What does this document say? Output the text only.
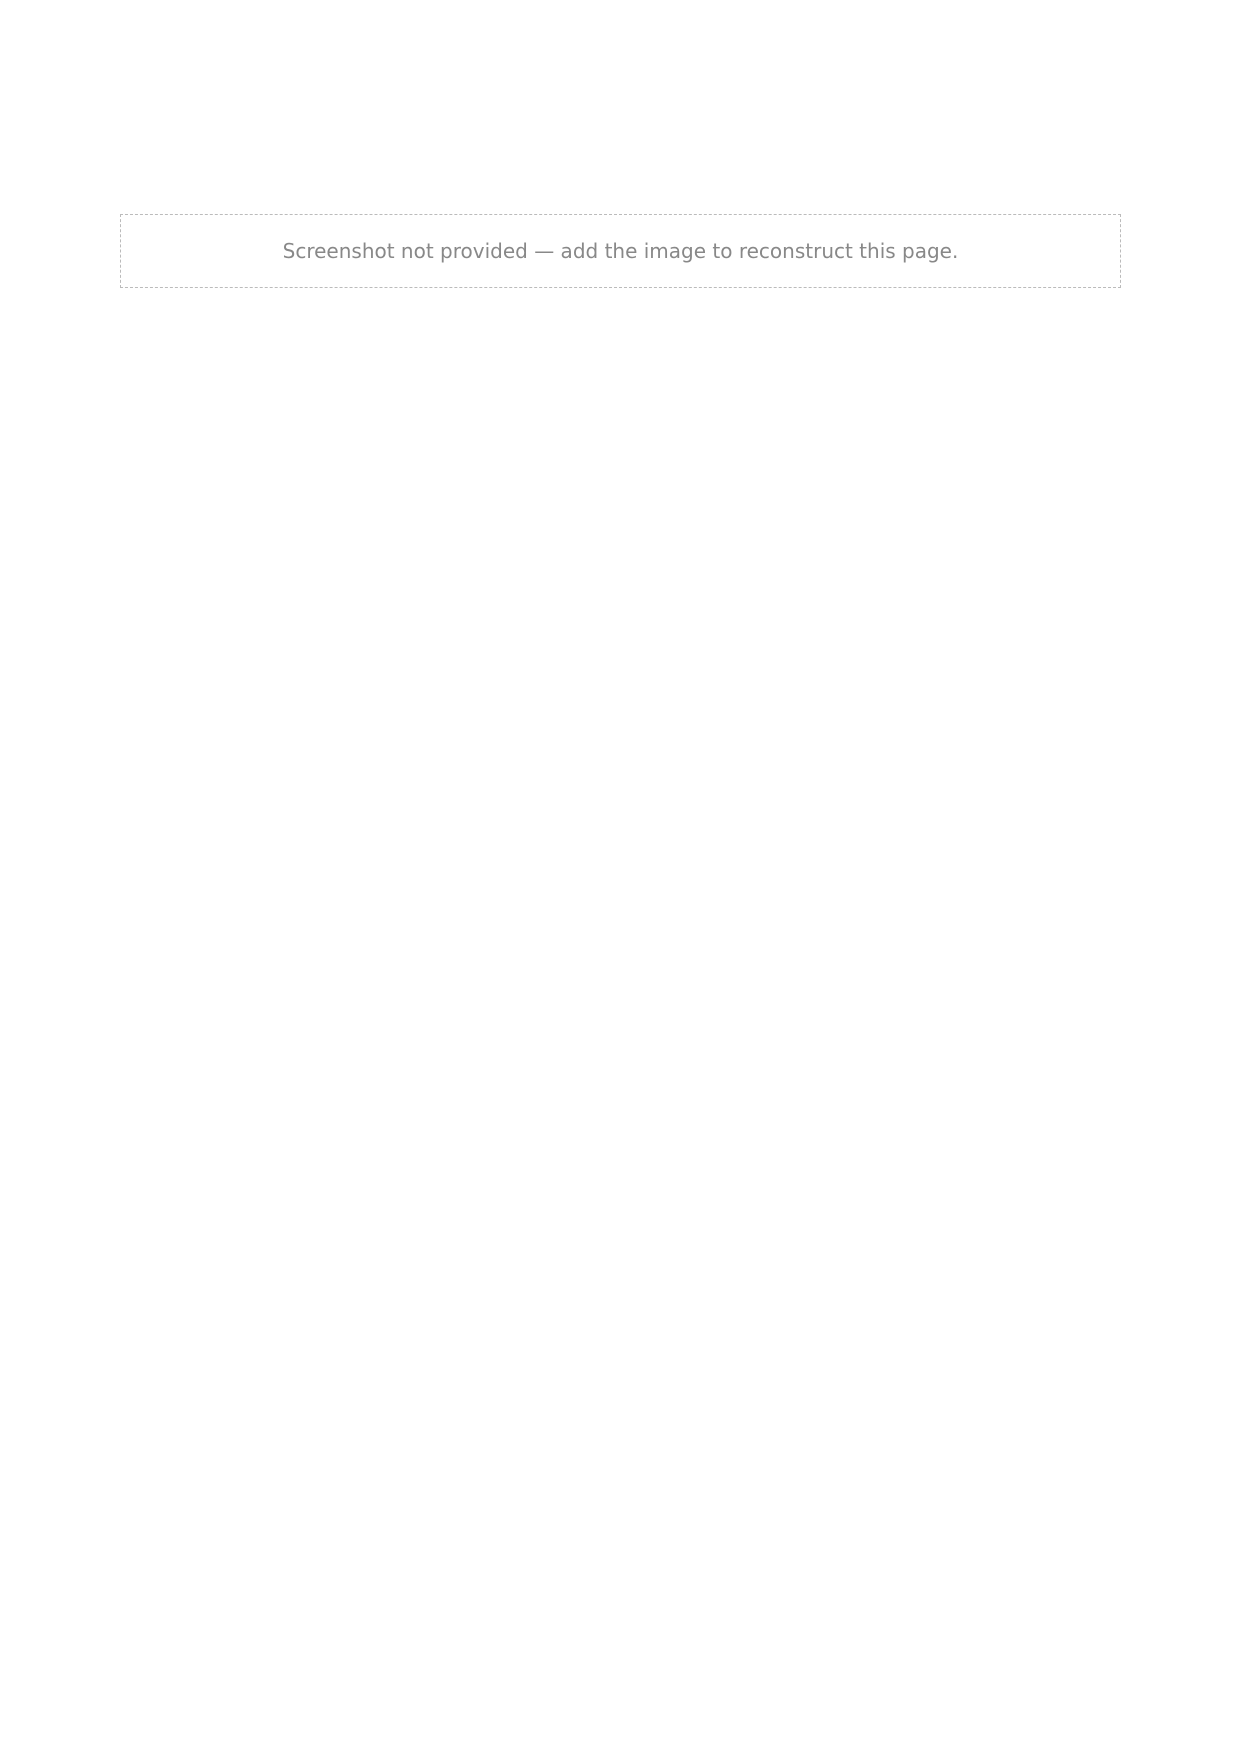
Screenshot not provided — add the image to reconstruct this page.
